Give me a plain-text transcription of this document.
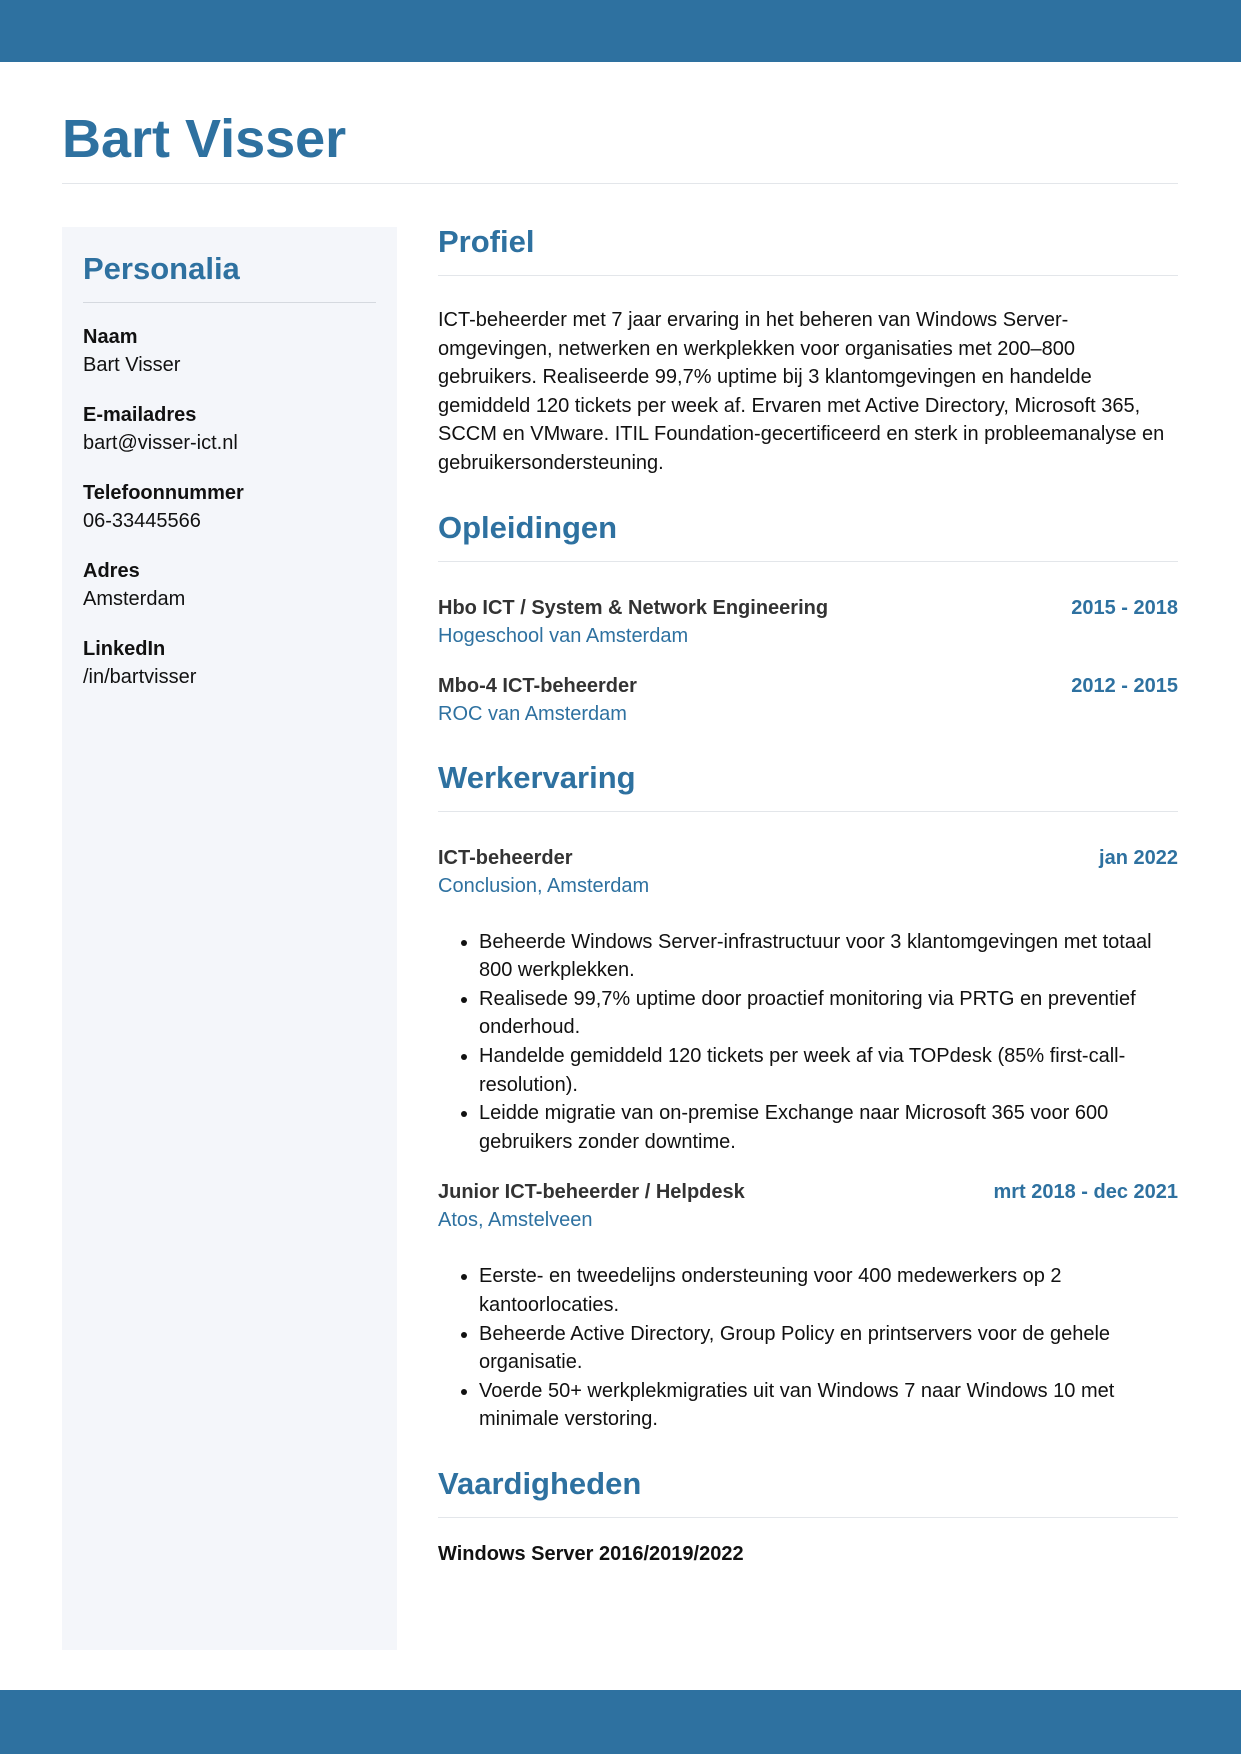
Bart Visser
Personalia
Naam
Bart Visser
E-mailadres
bart@visser-ict.nl
Telefoonnummer
06-33445566
Adres
Amsterdam
LinkedIn
/in/bartvisser
Profiel

ICT-beheerder met 7 jaar ervaring in het beheren van Windows Server-omgevingen, netwerken en werkplekken voor organisaties met 200–800 gebruikers. Realiseerde 99,7% uptime bij 3 klantomgevingen en handelde gemiddeld 120 tickets per week af. Ervaren met Active Directory, Microsoft 365, SCCM en VMware. ITIL Foundation-gecertificeerd en sterk in probleemanalyse en gebruikersondersteuning.

Opleidingen
Hbo ICT / System & Network Engineering	2015 - 2018
Hogeschool van Amsterdam
Mbo-4 ICT-beheerder	2012 - 2015
ROC van Amsterdam
Werkervaring
ICT-beheerder	jan 2022
Conclusion, Amsterdam
• Beheerde Windows Server-infrastructuur voor 3 klantomgevingen met totaal 800 werkplekken.
• Realisede 99,7% uptime door proactief monitoring via PRTG en preventief onderhoud.
• Handelde gemiddeld 120 tickets per week af via TOPdesk (85% first-call-resolution).
• Leidde migratie van on-premise Exchange naar Microsoft 365 voor 600 gebruikers zonder downtime.
Junior ICT-beheerder / Helpdesk	mrt 2018 - dec 2021
Atos, Amstelveen
• Eerste- en tweedelijns ondersteuning voor 400 medewerkers op 2 kantoorlocaties.
• Beheerde Active Directory, Group Policy en printservers voor de gehele organisatie.
• Voerde 50+ werkplekmigraties uit van Windows 7 naar Windows 10 met minimale verstoring.
Vaardigheden
Windows Server 2016/2019/2022
